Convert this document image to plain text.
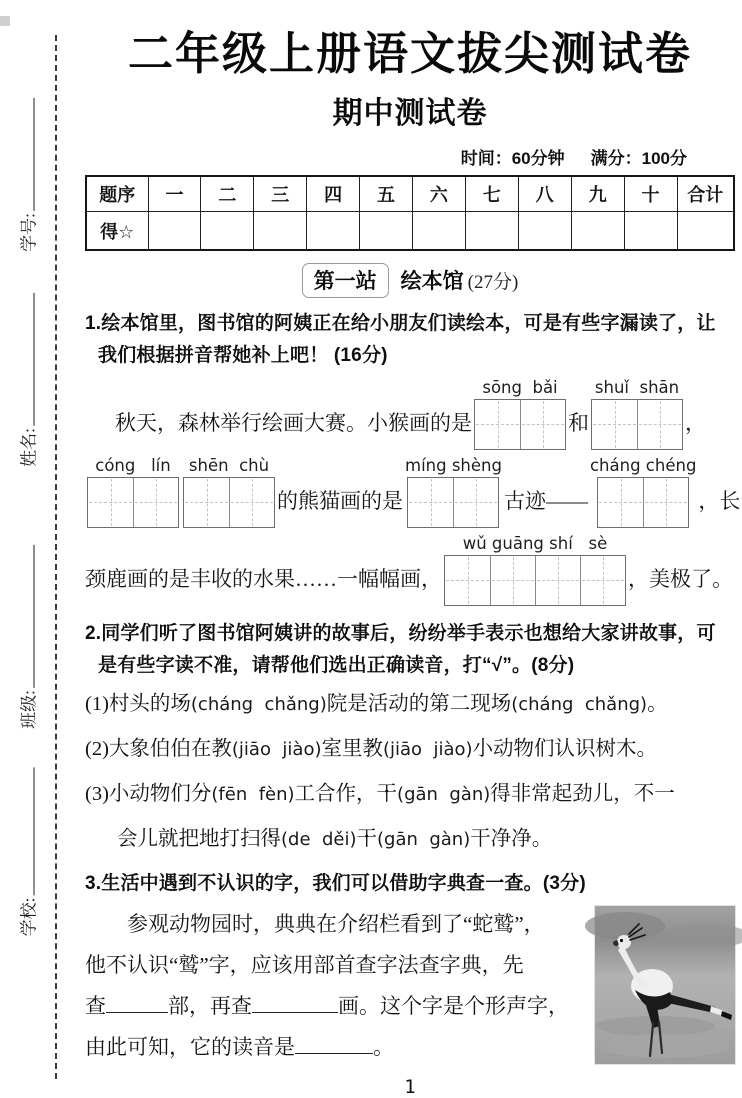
学号:
姓名:
班级:
学校:
二年级上册语文拔尖测试卷
期中测试卷
时间：60分钟 满分：100分
题序	一	二	三	四	五	六	七	八	九	十	合计
得☆											
第一站 绘本馆 (27分)
1.绘本馆里，图书馆的阿姨正在给小朋友们读绘本，可是有些字漏读了，让
我们根据拼音帮她补上吧！ (16分)
秋天，森林举行绘画大赛。小猴画的是
sōng  bǎi
和
shuǐ  shān
，
cóng   lín shēn  chù
的熊猫画的是
míng shèng
古迹——
cháng chéng
，长
颈鹿画的是丰收的水果……一幅幅画，
wǔ guāng shí   sè
，美极了。
2.同学们听了图书馆阿姨讲的故事后，纷纷举手表示也想给大家讲故事，可
是有些字读不准，请帮他们选出正确读音，打“√”。(8分)
(1)村头的场 ●(cháng  chǎng)院是活动的第二现场 ●(cháng  chǎng)。
(2)大象伯伯在教 ●(jiāo  jiào)室里教 ●(jiāo  jiào)小动物们认识树木。
(3)小动物们分 ●(fēn  fèn)工合作，干 ●(gān  gàn)得非常起劲儿，不一
会儿就把地打扫得 ●(de  děi)干 ●(gān  gàn)干净净。
3.生活中遇到不认识的字，我们可以借助字典查一查。(3分)
参观动物园时，典典在介绍栏看到了“蛇鹫”，
他不认识“鹫”字，应该用部首查字法查字典，先
查	部，再查	画。这个字是个形声字，
由此可知，它的读音是	。
1
